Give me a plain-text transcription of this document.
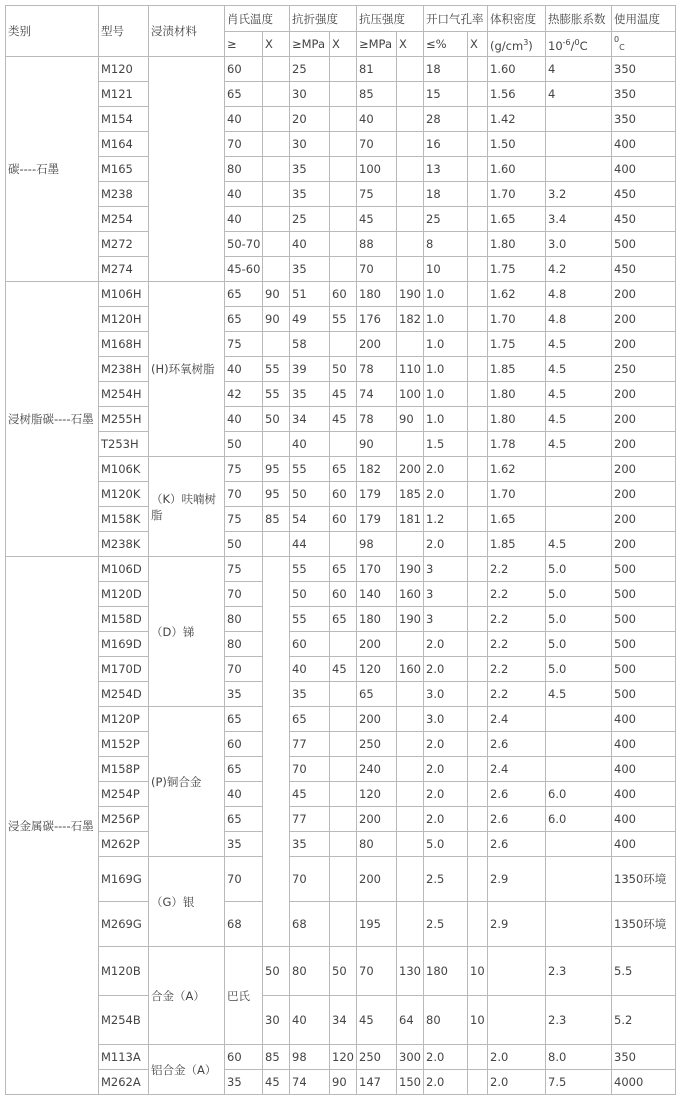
类别	型号	浸渍材料	肖氏温度		抗折强度		抗压强度		开口气孔率		体积密度	热膨胀系数	使用温度	
			≥	X	≥MPa	X	≥MPa	X	≤%	X	$(g/cm^3)$	$10^{-6}/^0C$	$^0_C$
碳----石墨	M120		60		25		81		18		1.60	4	350	
	M121		65		30		85		15		1.56	4	350	
	M154		40		20		40		28		1.42		350	
	M164		70		30		70		16		1.50		400	
	M165		80		35		100		13		1.60		400	
	M238		40		35		75		18		1.70	3.2	450	
	M254		40		25		45		25		1.65	3.4	450	
	M272		50-70		40		88		8		1.80	3.0	500	
	M274		45-60		35		70		10		1.75	4.2	450	
浸树脂碳----石墨	M106H	(H)环氧树脂	65	90	51	60	180	190	1.0		1.62	4.8	200	
	M120H		65	90	49	55	176	182	1.0		1.70	4.8	200	
	M168H		75		58		200		1.0		1.75	4.5	200	
	M238H		40	55	39	50	78	110	1.0		1.85	4.5	250	
	M254H		42	55	35	45	74	100	1.0		1.80	4.5	200	
	M255H		40	50	34	45	78	90	1.0		1.80	4.5	200	
	T253H		50		40		90		1.5		1.78	4.5	200	
	M106K	（K）呋喃树脂	75	95	55	65	182	200	2.0		1.62		200	
	M120K		70	95	50	60	179	185	2.0		1.70		200	
	M158K		75	85	54	60	179	181	1.2		1.65		200	
	M238K		50		44		98		2.0		1.85	4.5	200	
浸金属碳----石墨	M106D	（D）锑	75		55	65	170	190	3		2.2	5.0	500	
	M120D		70		50	60	140	160	3		2.2	5.0	500	
	M158D		80		55	65	180	190	3		2.2	5.0	500	
	M169D		80		60		200		2.0		2.2	5.0	500	
	M170D		70		40	45	120	160	2.0		2.2	5.0	500	
	M254D		35		35		65		3.0		2.2	4.5	500	
	M120P	(P)铜合金	65		65		200		3.0		2.4		400	
	M152P		60		77		250		2.0		2.6		400	
	M158P		65		70		240		2.0		2.4		400	
	M254P		40		45		120		2.0		2.6	6.0	400	
	M256P		65		77		200		2.0		2.6	6.0	400	
	M262P		35		35		80		5.0		2.6		400	
	M169G	（G）银	70		70		200		2.5		2.9		1350环境	
	M269G		68		68		195		2.5		2.9		1350环境	
	M120B	合金（A）	巴氏	50	80	50	70	130	180	10		2.3	5.5	
	M254B			30	40	34	45	64	80	10		2.3	5.2	
	M113A	铝合金（A）	60	85	98	120	250	300	2.0		2.0	8.0	350	
	M262A		35	45	74	90	147	150	2.0		2.0	7.5	4000	
